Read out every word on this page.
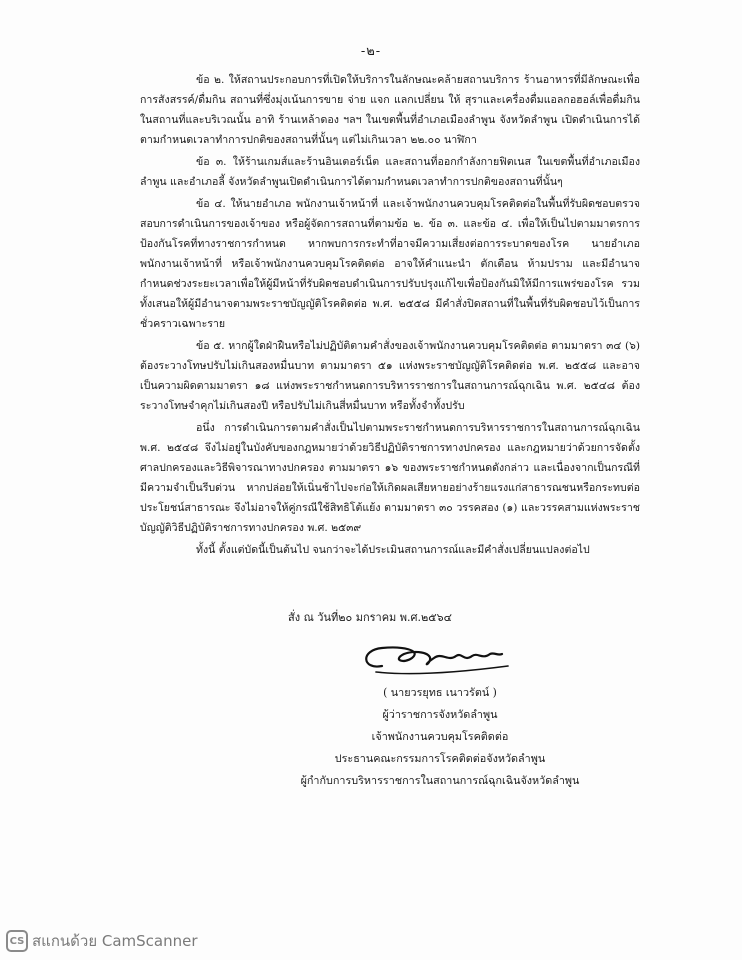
-๒-

ข้อ ๒. ให้สถานประกอบการที่เปิดให้บริการในลักษณะคล้ายสถานบริการ ร้านอาหารที่มีลักษณะเพื่อการสังสรรค์/ดื่มกิน สถานที่ซึ่งมุ่งเน้นการขาย จ่าย แจก แลกเปลี่ยน ให้ สุราและเครื่องดื่มแอลกอฮอล์เพื่อดื่มกินในสถานที่และบริเวณนั้น อาทิ ร้านเหล้าดอง ฯลฯ ในเขตพื้นที่อำเภอเมืองลำพูน จังหวัดลำพูน เปิดดำเนินการได้ตามกำหนดเวลาทำการปกติของสถานที่นั้นๆ แต่ไม่เกินเวลา ๒๒.๐๐ นาฬิกา

ข้อ ๓. ให้ร้านเกมส์และร้านอินเตอร์เน็ต และสถานที่ออกกำลังกายฟิตเนส ในเขตพื้นที่อำเภอเมืองลำพูน และอำเภอลี้ จังหวัดลำพูนเปิดดำเนินการได้ตามกำหนดเวลาทำการปกติของสถานที่นั้นๆ

ข้อ ๔. ให้นายอำเภอ พนักงานเจ้าหน้าที่ และเจ้าพนักงานควบคุมโรคติดต่อในพื้นที่รับผิดชอบตรวจสอบการดำเนินการของเจ้าของ หรือผู้จัดการสถานที่ตามข้อ ๒. ข้อ ๓. และข้อ ๔. เพื่อให้เป็นไปตามมาตรการป้องกันโรคที่ทางราชการกำหนด หากพบการกระทำที่อาจมีความเสี่ยงต่อการระบาดของโรค นายอำเภอ พนักงานเจ้าหน้าที่ หรือเจ้าพนักงานควบคุมโรคติดต่อ อาจให้คำแนะนำ ตักเตือน ห้ามปราม และมีอำนาจกำหนดช่วงระยะเวลาเพื่อให้ผู้มีหน้าที่รับผิดชอบดำเนินการปรับปรุงแก้ไขเพื่อป้องกันมิให้มีการแพร่ของโรค รวมทั้งเสนอให้ผู้มีอำนาจตามพระราชบัญญัติโรคติดต่อ พ.ศ. ๒๕๕๘ มีคำสั่งปิดสถานที่ในพื้นที่รับผิดชอบไว้เป็นการชั่วคราวเฉพาะราย

ข้อ ๕. หากผู้ใดฝ่าฝืนหรือไม่ปฏิบัติตามคำสั่งของเจ้าพนักงานควบคุมโรคติดต่อ ตามมาตรา ๓๔ (๖) ต้องระวางโทษปรับไม่เกินสองหมื่นบาท ตามมาตรา ๕๑ แห่งพระราชบัญญัติโรคติดต่อ พ.ศ. ๒๕๕๘ และอาจเป็นความผิดตามมาตรา ๑๘ แห่งพระราชกำหนดการบริหารราชการในสถานการณ์ฉุกเฉิน พ.ศ. ๒๕๔๘ ต้องระวางโทษจำคุกไม่เกินสองปี หรือปรับไม่เกินสี่หมื่นบาท หรือทั้งจำทั้งปรับ

อนึ่ง การดำเนินการตามคำสั่งเป็นไปตามพระราชกำหนดการบริหารราชการในสถานการณ์ฉุกเฉิน พ.ศ. ๒๕๔๘ จึงไม่อยู่ในบังคับของกฎหมายว่าด้วยวิธีปฏิบัติราชการทางปกครอง และกฎหมายว่าด้วยการจัดตั้งศาลปกครองและวิธีพิจารณาทางปกครอง ตามมาตรา ๑๖ ของพระราชกำหนดดังกล่าว และเนื่องจากเป็นกรณีที่มีความจำเป็นรีบด่วน หากปล่อยให้เนิ่นช้าไปจะก่อให้เกิดผลเสียหายอย่างร้ายแรงแก่สาธารณชนหรือกระทบต่อประโยชน์สาธารณะ จึงไม่อาจให้คู่กรณีใช้สิทธิโต้แย้ง ตามมาตรา ๓๐ วรรคสอง (๑) และวรรคสามแห่งพระราชบัญญัติวิธีปฏิบัติราชการทางปกครอง พ.ศ. ๒๕๓๙

ทั้งนี้ ตั้งแต่บัดนี้เป็นต้นไป จนกว่าจะได้ประเมินสถานการณ์และมีคำสั่งเปลี่ยนแปลงต่อไป

สั่ง ณ วันที่๒๐ มกราคม พ.ศ.๒๕๖๔
( นายวรยุทธ เนาวรัตน์ )
ผู้ว่าราชการจังหวัดลำพูน
เจ้าพนักงานควบคุมโรคติดต่อ
ประธานคณะกรรมการโรคติดต่อจังหวัดลำพูน
ผู้กำกับการบริหารราชการในสถานการณ์ฉุกเฉินจังหวัดลำพูน
CS สแกนด้วย CamScanner
